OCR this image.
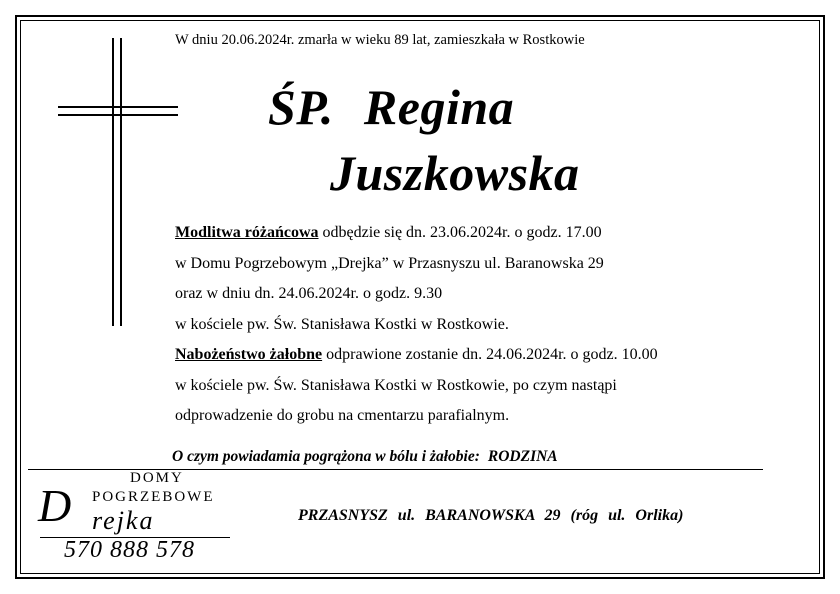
W dniu 20.06.2024r. zmarła w wieku 89 lat, zamieszkała w Rostkowie
ŚP. Regina
Juszkowska
Modlitwa różańcowa odbędzie się dn. 23.06.2024r. o godz. 17.00
w Domu Pogrzebowym „Drejka” w Przasnyszu ul. Baranowska 29
oraz w dniu dn. 24.06.2024r. o godz. 9.30
w kościele pw. Św. Stanisława Kostki w Rostkowie.
Nabożeństwo żałobne odprawione zostanie dn. 24.06.2024r. o godz. 10.00
w kościele pw. Św. Stanisława Kostki w Rostkowie, po czym nastąpi
odprowadzenie do grobu na cmentarzu parafialnym.
O czym powiadamia pogrążona w bólu i żałobie: RODZINA
DOMY
POGRZEBOWE
D rejka
570 888 578
PRZASNYSZ ul. BARANOWSKA 29 (róg ul. Orlika)
